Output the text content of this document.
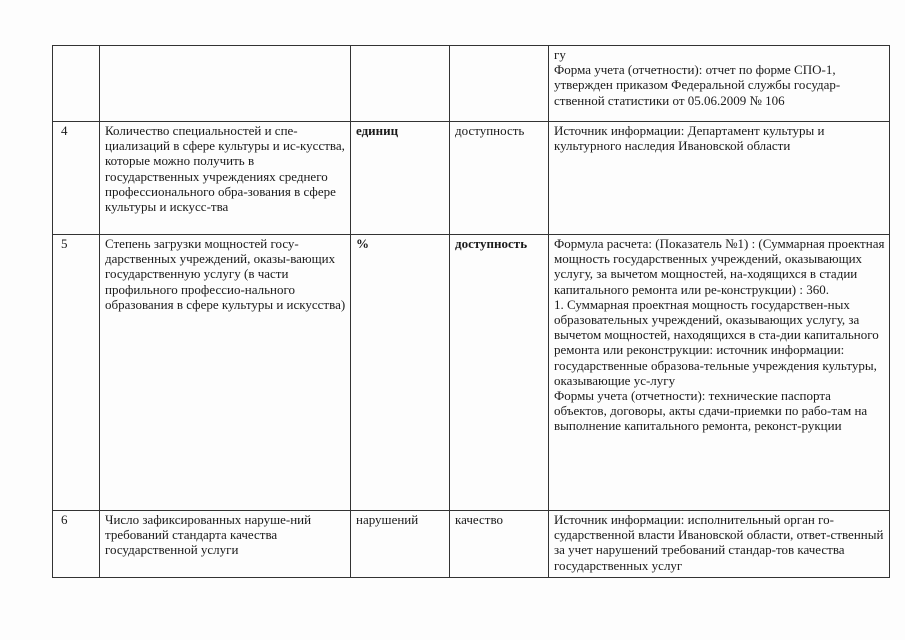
				гу
Форма учета (отчетности): отчет по форме СПО-1, утвержден приказом Федеральной службы государ-ственной статистики от 05.06.2009 № 106

4	Количество специальностей и спе-циализаций в сфере культуры и ис-кусства, которые можно получить в государственных учреждениях среднего профессионального обра-зования в сфере культуры и искусс-тва	единиц	доступность	Источник информации: Департамент культуры и культурного наследия Ивановской области

5	Степень загрузки мощностей госу-дарственных учреждений, оказы-вающих государственную услугу (в части профильного профессио-нального образования в сфере культуры и искусства)	%	доступность	Формула расчета: (Показатель №1) : (Суммарная проектная мощность государственных учреждений, оказывающих услугу, за вычетом мощностей, на-ходящихся в стадии капитального ремонта или ре-конструкции) : 360.
1. Суммарная проектная мощность государствен-ных образовательных учреждений, оказывающих услугу, за вычетом мощностей, находящихся в ста-дии капитального ремонта или реконструкции: источник информации: государственные образова-тельные учреждения культуры, оказывающие ус-лугу
Формы учета (отчетности): технические паспорта объектов, договоры, акты сдачи-приемки по рабо-там на выполнение капитального ремонта, реконст-рукции

6	Число зафиксированных наруше-ний требований стандарта качества государственной услуги	нарушений	качество	Источник информации: исполнительный орган го-сударственной власти Ивановской области, ответ-ственный за учет нарушений требований стандар-тов качества государственных услуг
